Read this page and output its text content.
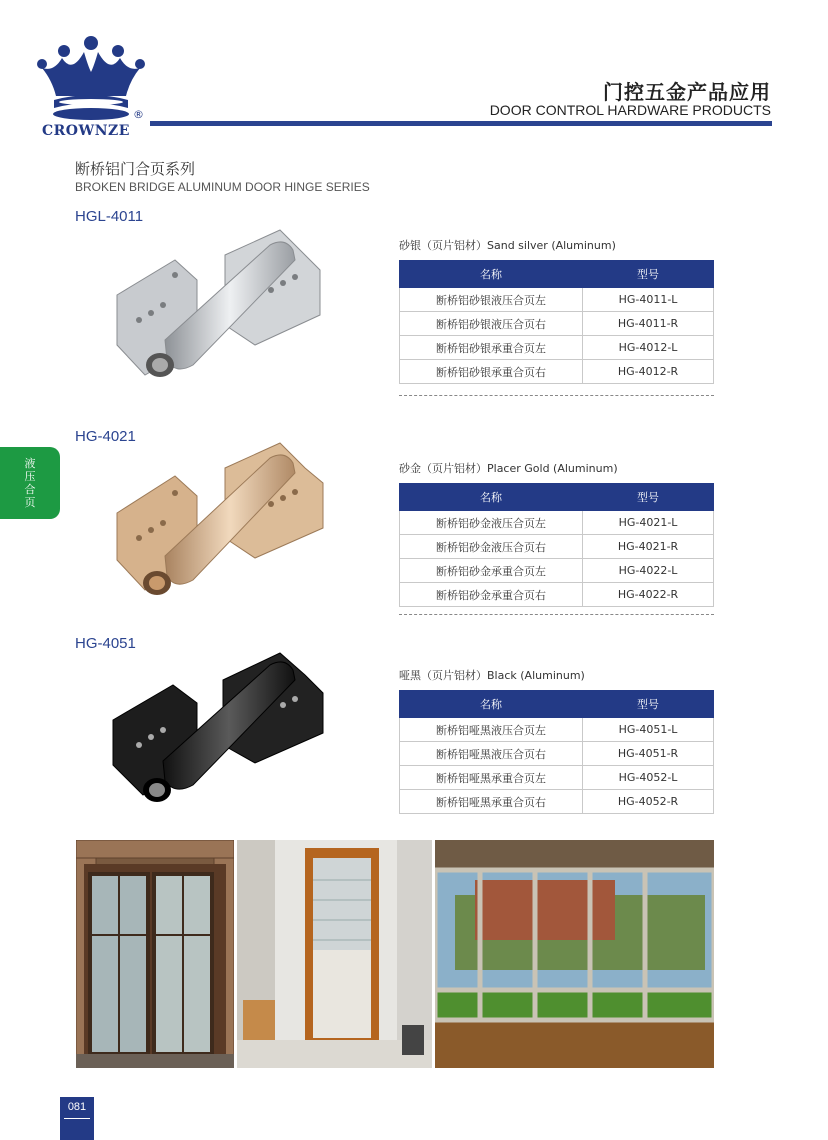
CROWNZE
®
门控五金产品应用
DOOR CONTROL HARDWARE PRODUCTS
断桥铝门合页系列
BROKEN BRIDGE ALUMINUM DOOR HINGE SERIES
液压合页
HGL-4011
砂银（页片铝材）Sand silver (Aluminum)
名称	型号
断桥铝砂银液压合页左	HG-4011-L
断桥铝砂银液压合页右	HG-4011-R
断桥铝砂银承重合页左	HG-4012-L
断桥铝砂银承重合页右	HG-4012-R
HG-4021
砂金（页片铝材）Placer Gold (Aluminum)
名称	型号
断桥铝砂金液压合页左	HG-4021-L
断桥铝砂金液压合页右	HG-4021-R
断桥铝砂金承重合页左	HG-4022-L
断桥铝砂金承重合页右	HG-4022-R
HG-4051
哑黑（页片铝材）Black (Aluminum)
名称	型号
断桥铝哑黑液压合页左	HG-4051-L
断桥铝哑黑液压合页右	HG-4051-R
断桥铝哑黑承重合页左	HG-4052-L
断桥铝哑黑承重合页右	HG-4052-R
081
